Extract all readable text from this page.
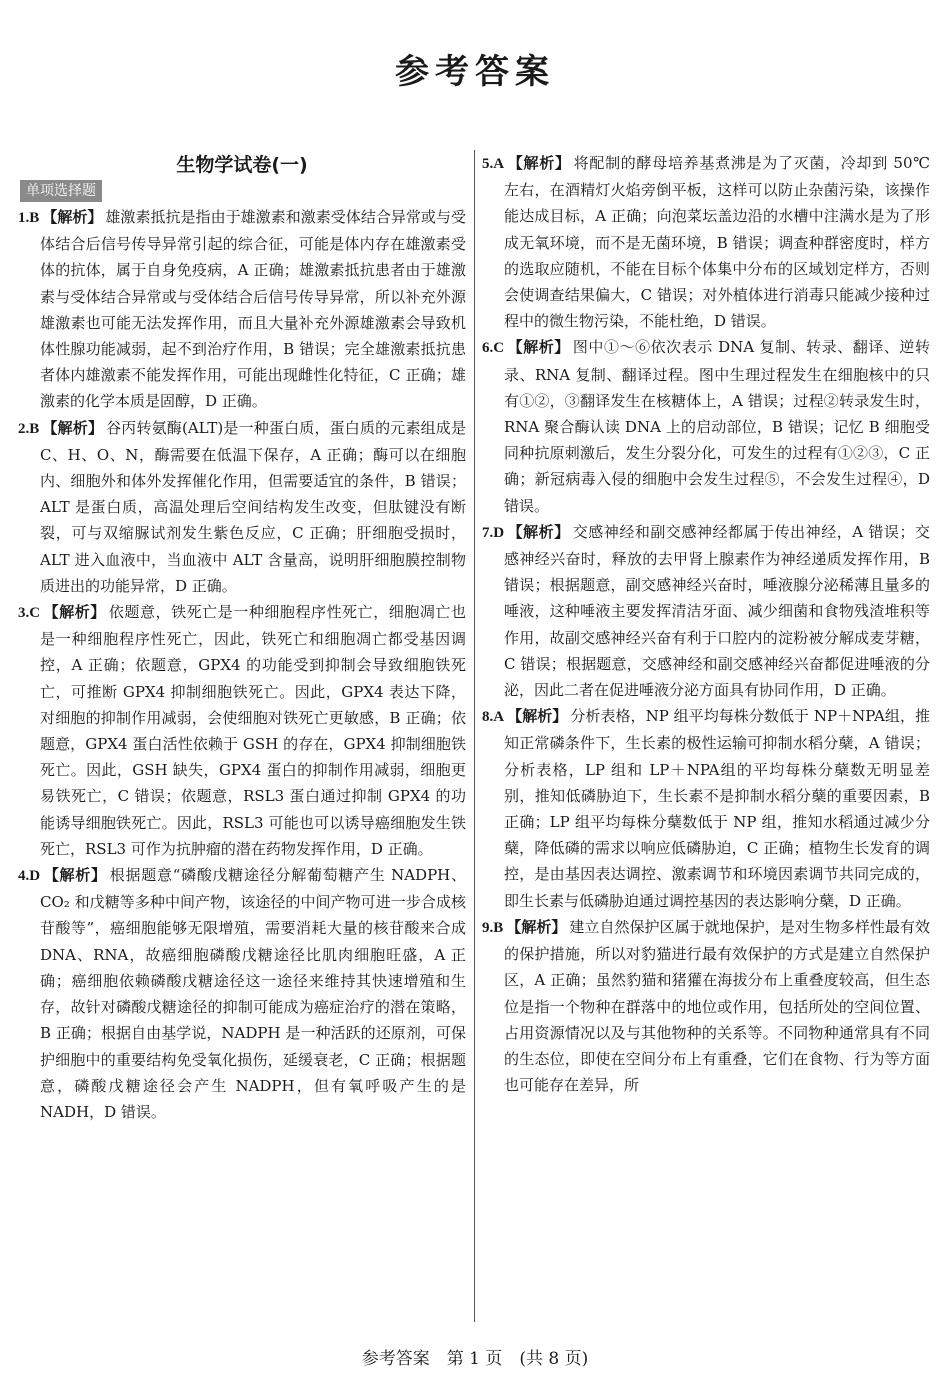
参考答案
生物学试卷(一)
单项选择题

1.B 【解析】 雄激素抵抗是指由于雄激素和激素受体结合异常或与受体结合后信号传导异常引起的综合征，可能是体内存在雄激素受体的抗体，属于自身免疫病，A 正确；雄激素抵抗患者由于雄激素与受体结合异常或与受体结合后信号传导异常，所以补充外源雄激素也可能无法发挥作用，而且大量补充外源雄激素会导致机体性腺功能减弱，起不到治疗作用，B 错误；完全雄激素抵抗患者体内雄激素不能发挥作用，可能出现雌性化特征，C 正确；雄激素的化学本质是固醇，D 正确。

2.B 【解析】 谷丙转氨酶(ALT)是一种蛋白质，蛋白质的元素组成是 C、H、O、N，酶需要在低温下保存，A 正确；酶可以在细胞内、细胞外和体外发挥催化作用，但需要适宜的条件，B 错误；ALT 是蛋白质，高温处理后空间结构发生改变，但肽键没有断裂，可与双缩脲试剂发生紫色反应，C 正确；肝细胞受损时，ALT 进入血液中，当血液中 ALT 含量高，说明肝细胞膜控制物质进出的功能异常，D 正确。

3.C 【解析】 依题意，铁死亡是一种细胞程序性死亡，细胞凋亡也是一种细胞程序性死亡，因此，铁死亡和细胞凋亡都受基因调控，A 正确；依题意，GPX4 的功能受到抑制会导致细胞铁死亡，可推断 GPX4 抑制细胞铁死亡。因此，GPX4 表达下降，对细胞的抑制作用减弱，会使细胞对铁死亡更敏感，B 正确；依题意，GPX4 蛋白活性依赖于 GSH 的存在，GPX4 抑制细胞铁死亡。因此，GSH 缺失，GPX4 蛋白的抑制作用减弱，细胞更易铁死亡，C 错误；依题意，RSL3 蛋白通过抑制 GPX4 的功能诱导细胞铁死亡。因此，RSL3 可能也可以诱导癌细胞发生铁死亡，RSL3 可作为抗肿瘤的潜在药物发挥作用，D 正确。

4.D 【解析】 根据题意“磷酸戊糖途径分解葡萄糖产生 NADPH、CO₂ 和戊糖等多种中间产物，该途径的中间产物可进一步合成核苷酸等”，癌细胞能够无限增殖，需要消耗大量的核苷酸来合成 DNA、RNA，故癌细胞磷酸戊糖途径比肌肉细胞旺盛，A 正确；癌细胞依赖磷酸戊糖途径这一途径来维持其快速增殖和生存，故针对磷酸戊糖途径的抑制可能成为癌症治疗的潜在策略，B 正确；根据自由基学说，NADPH 是一种活跃的还原剂，可保护细胞中的重要结构免受氧化损伤，延缓衰老，C 正确；根据题意，磷酸戊糖途径会产生 NADPH，但有氧呼吸产生的是 NADH，D 错误。

5.A 【解析】 将配制的酵母培养基煮沸是为了灭菌，冷却到 50℃ 左右，在酒精灯火焰旁倒平板，这样可以防止杂菌污染，该操作能达成目标，A 正确；向泡菜坛盖边沿的水槽中注满水是为了形成无氧环境，而不是无菌环境，B 错误；调查种群密度时，样方的选取应随机，不能在目标个体集中分布的区域划定样方，否则会使调查结果偏大，C 错误；对外植体进行消毒只能减少接种过程中的微生物污染，不能杜绝，D 错误。

6.C 【解析】 图中①～⑥依次表示 DNA 复制、转录、翻译、逆转录、RNA 复制、翻译过程。图中生理过程发生在细胞核中的只有①②，③翻译发生在核糖体上，A 错误；过程②转录发生时，RNA 聚合酶认读 DNA 上的启动部位，B 错误；记忆 B 细胞受同种抗原刺激后，发生分裂分化，可发生的过程有①②③，C 正确；新冠病毒入侵的细胞中会发生过程⑤，不会发生过程④，D 错误。

7.D 【解析】 交感神经和副交感神经都属于传出神经，A 错误；交感神经兴奋时，释放的去甲肾上腺素作为神经递质发挥作用，B 错误；根据题意，副交感神经兴奋时，唾液腺分泌稀薄且量多的唾液，这种唾液主要发挥清洁牙面、减少细菌和食物残渣堆积等作用，故副交感神经兴奋有利于口腔内的淀粉被分解成麦芽糖，C 错误；根据题意，交感神经和副交感神经兴奋都促进唾液的分泌，因此二者在促进唾液分泌方面具有协同作用，D 正确。

8.A 【解析】 分析表格，NP 组平均每株分数低于 NP＋NPA组，推知正常磷条件下，生长素的极性运输可抑制水稻分蘖，A 错误；分析表格，LP 组和 LP＋NPA组的平均每株分蘖数无明显差别，推知低磷胁迫下，生长素不是抑制水稻分蘖的重要因素，B 正确；LP 组平均每株分蘖数低于 NP 组，推知水稻通过减少分蘖，降低磷的需求以响应低磷胁迫，C 正确；植物生长发育的调控，是由基因表达调控、激素调节和环境因素调节共同完成的，即生长素与低磷胁迫通过调控基因的表达影响分蘖，D 正确。

9.B 【解析】 建立自然保护区属于就地保护，是对生物多样性最有效的保护措施，所以对豹猫进行最有效保护的方式是建立自然保护区，A 正确；虽然豹猫和猪獾在海拔分布上重叠度较高，但生态位是指一个物种在群落中的地位或作用，包括所处的空间位置、占用资源情况以及与其他物种的关系等。不同物种通常具有不同的生态位，即使在空间分布上有重叠，它们在食物、行为等方面也可能存在差异，所

参考答案　第 1 页　(共 8 页)
